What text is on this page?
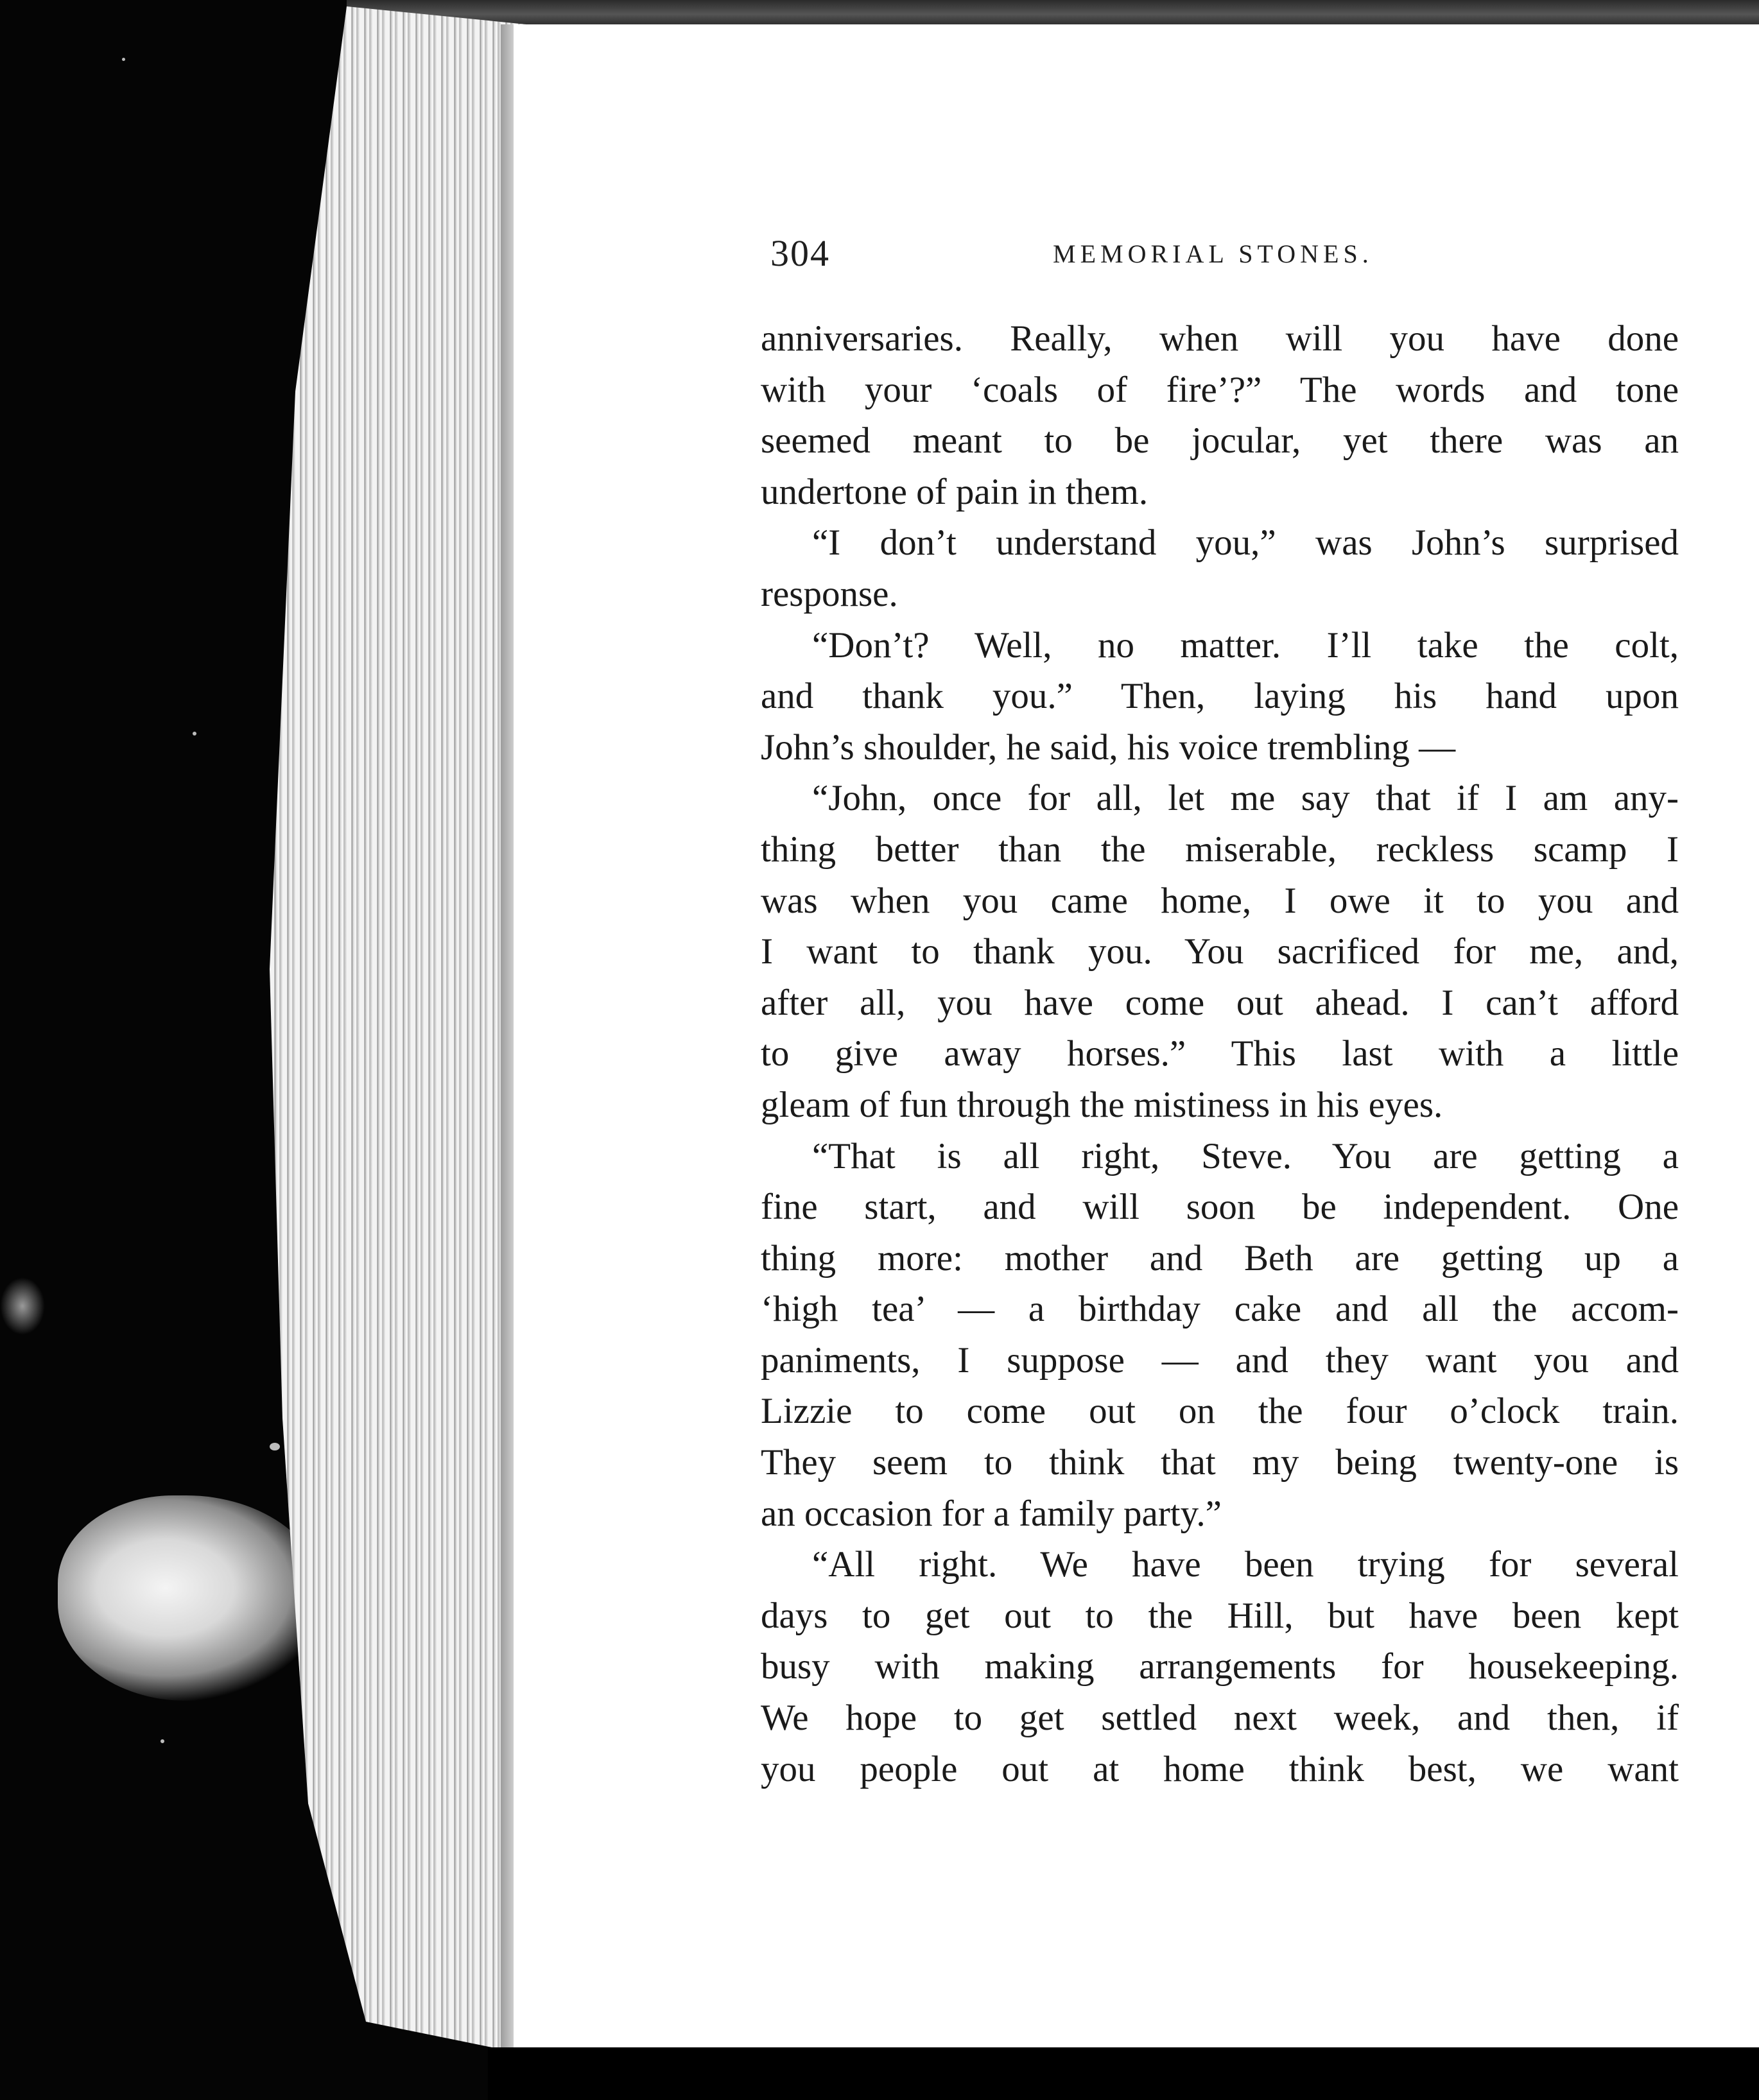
304	MEMORIAL STONES.
anniversaries. Really, when will you have done
with your ‘coals of fire’?” The words and tone
seemed meant to be jocular, yet there was an
undertone of pain in them.
“I don’t understand you,” was John’s surprised
response.
“Don’t? Well, no matter. I’ll take the colt,
and thank you.” Then, laying his hand upon
John’s shoulder, he said, his voice trembling —
“John, once for all, let me say that if I am any-
thing better than the miserable, reckless scamp I
was when you came home, I owe it to you and
I want to thank you. You sacrificed for me, and,
after all, you have come out ahead. I can’t afford
to give away horses.” This last with a little
gleam of fun through the mistiness in his eyes.
“That is all right, Steve. You are getting a
fine start, and will soon be independent. One
thing more: mother and Beth are getting up a
‘high tea’ — a birthday cake and all the accom-
paniments, I suppose — and they want you and
Lizzie to come out on the four o’clock train.
They seem to think that my being twenty-one is
an occasion for a family party.”
“All right. We have been trying for several
days to get out to the Hill, but have been kept
busy with making arrangements for housekeeping.
We hope to get settled next week, and then, if
you people out at home think best, we want
